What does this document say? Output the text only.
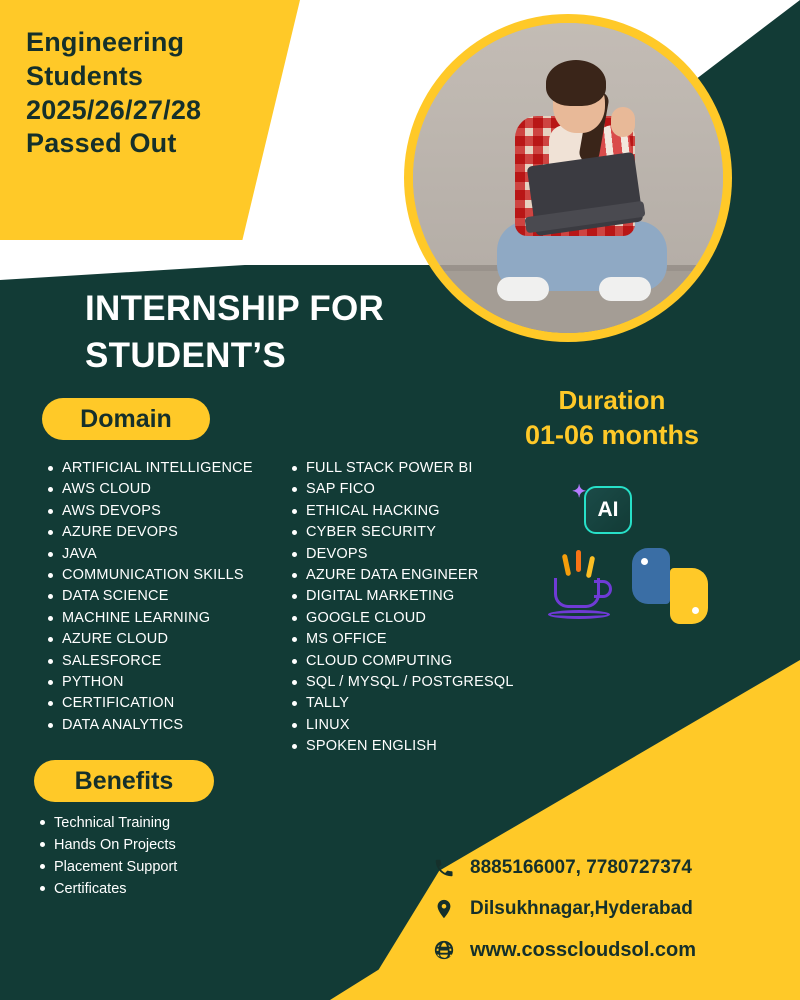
Engineering
Students
2025/26/27/28
Passed Out
INTERNSHIP FOR
STUDENT’S
Domain
Duration
01-06 months
ARTIFICIAL INTELLIGENCE
AWS CLOUD
AWS DEVOPS
AZURE DEVOPS
JAVA
COMMUNICATION SKILLS
DATA SCIENCE
MACHINE LEARNING
AZURE CLOUD
SALESFORCE
PYTHON
CERTIFICATION
DATA ANALYTICS
FULL STACK POWER BI
SAP FICO
ETHICAL HACKING
CYBER SECURITY
DEVOPS
AZURE DATA ENGINEER
DIGITAL MARKETING
GOOGLE CLOUD
MS OFFICE
CLOUD COMPUTING
SQL / MYSQL / POSTGRESQL
TALLY
LINUX
SPOKEN ENGLISH
✦
AI
Benefits
Technical Training
Hands On Projects
Placement Support
Certificates
8885166007, 7780727374
Dilsukhnagar,Hyderabad
www.cosscloudsol.com
